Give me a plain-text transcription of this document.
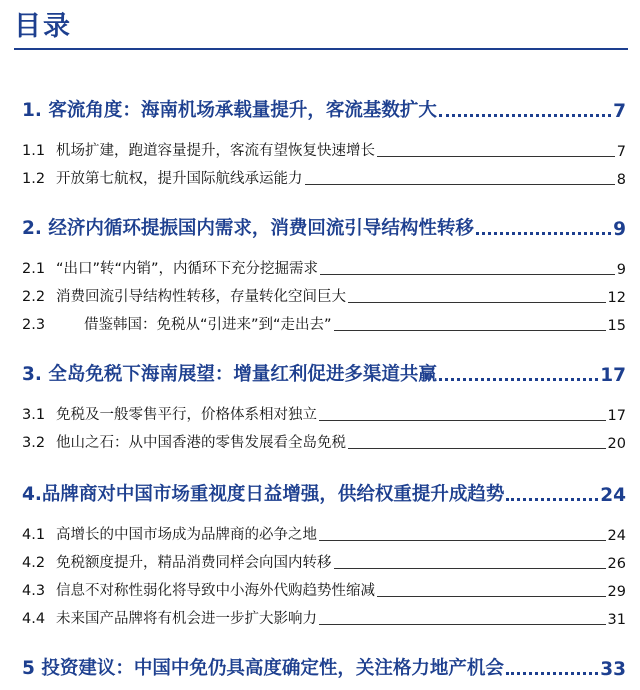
目录
1. 客流角度：海南机场承载量提升，客流基数扩大	7
1.1 机场扩建，跑道容量提升，客流有望恢复快速增长	7
1.2 开放第七航权，提升国际航线承运能力	8
2. 经济内循环提振国内需求，消费回流引导结构性转移	9
2.1 “出口”转“内销”，内循环下充分挖掘需求	9
2.2 消费回流引导结构性转移，存量转化空间巨大	12
2.3	借鉴韩国：免税从“引进来”到“走出去”	15
3. 全岛免税下海南展望：增量红利促进多渠道共赢	17
3.1 免税及一般零售平行，价格体系相对独立	17
3.2 他山之石：从中国香港的零售发展看全岛免税	20
4.品牌商对中国市场重视度日益增强，供给权重提升成趋势	24
4.1 高增长的中国市场成为品牌商的必争之地	24
4.2 免税额度提升，精品消费同样会向国内转移	26
4.3 信息不对称性弱化将导致中小海外代购趋势性缩减	29
4.4 未来国产品牌将有机会进一步扩大影响力	31
5 投资建议：中国中免仍具高度确定性，关注格力地产机会	33
